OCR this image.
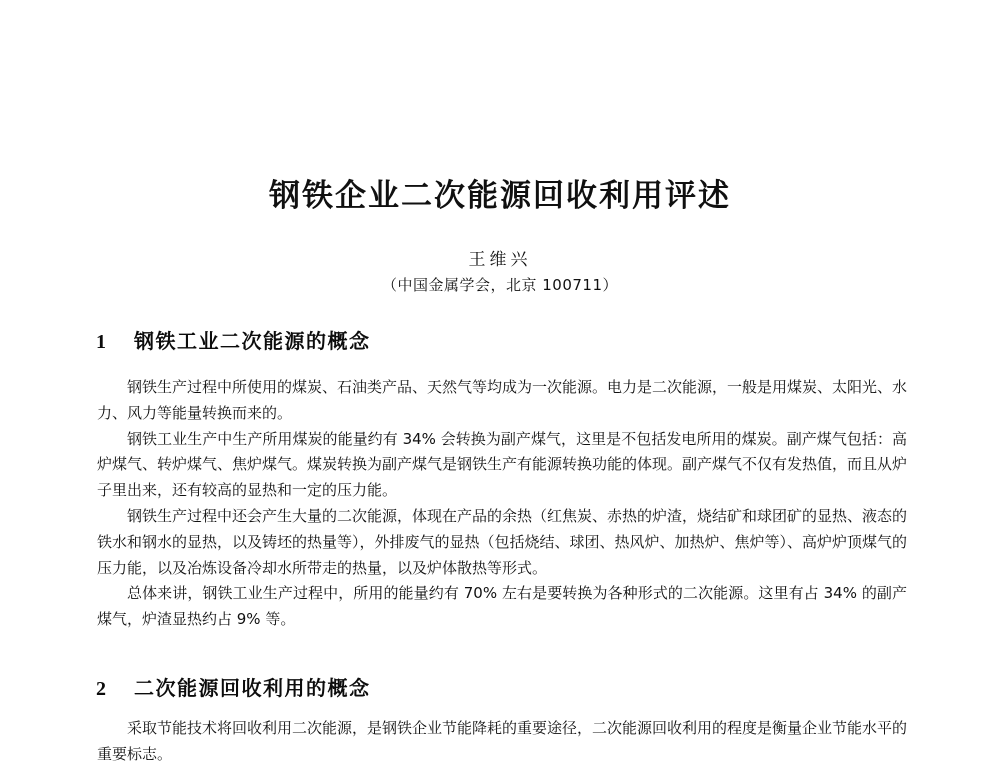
钢铁企业二次能源回收利用评述
王维兴
（中国金属学会，北京 100711）
1 钢铁工业二次能源的概念

钢铁生产过程中所使用的煤炭、石油类产品、天然气等均成为一次能源。电力是二次能源，一般是用煤炭、太阳光、水力、风力等能量转换而来的。

钢铁工业生产中生产所用煤炭的能量约有 34% 会转换为副产煤气，这里是不包括发电所用的煤炭。副产煤气包括：高炉煤气、转炉煤气、焦炉煤气。煤炭转换为副产煤气是钢铁生产有能源转换功能的体现。副产煤气不仅有发热值，而且从炉子里出来，还有较高的显热和一定的压力能。

钢铁生产过程中还会产生大量的二次能源，体现在产品的余热（红焦炭、赤热的炉渣，烧结矿和球团矿的显热、液态的铁水和钢水的显热，以及铸坯的热量等），外排废气的显热（包括烧结、球团、热风炉、加热炉、焦炉等）、高炉炉顶煤气的压力能，以及冶炼设备冷却水所带走的热量，以及炉体散热等形式。

总体来讲，钢铁工业生产过程中，所用的能量约有 70% 左右是要转换为各种形式的二次能源。这里有占 34% 的副产煤气，炉渣显热约占 9% 等。

2 二次能源回收利用的概念

采取节能技术将回收利用二次能源，是钢铁企业节能降耗的重要途径，二次能源回收利用的程度是衡量企业节能水平的重要标志。
